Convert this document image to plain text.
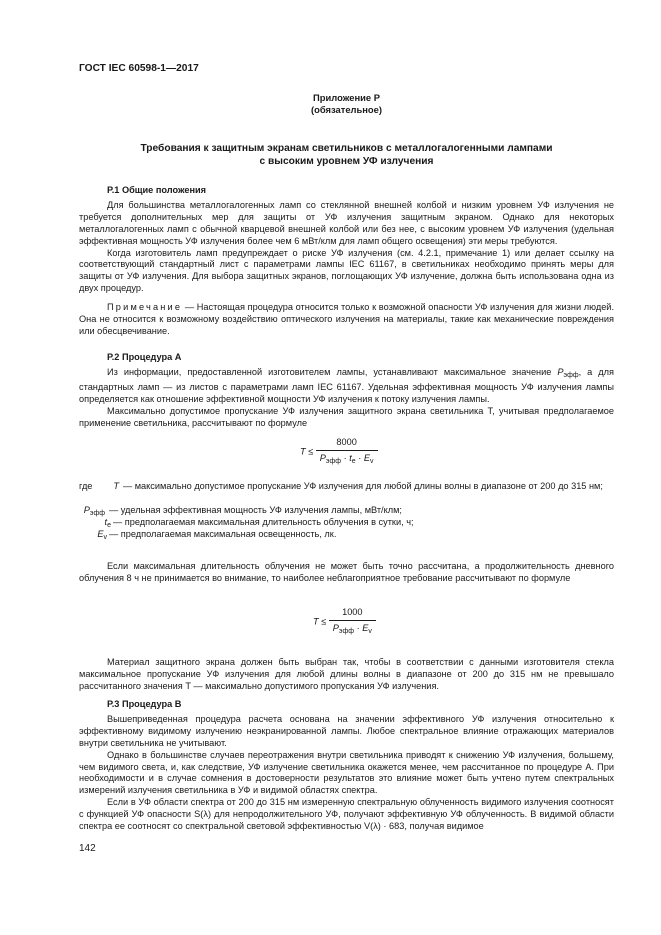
ГОСТ IEC 60598-1—2017
Приложение Р
(обязательное)
Требования к защитным экранам светильников с металлогалогенными лампами
с высоким уровнем УФ излучения
Р.1 Общие положения

Для большинства металлогалогенных ламп со стеклянной внешней колбой и низким уровнем УФ излучения не требуется дополнительных мер для защиты от УФ излучения защитным экраном. Однако для некоторых металлогалогенных ламп с обычной кварцевой внешней колбой или без нее, с высоким уровнем УФ излучения (удельная эффективная мощность УФ излучения более чем 6 мВт/клм для ламп общего освещения) эти меры требуются.

Когда изготовитель ламп предупреждает о риске УФ излучения (см. 4.2.1, примечание 1) или делает ссылку на соответствующий стандартный лист с параметрами лампы IEC 61167, в светильниках необходимо принять меры для защиты от УФ излучения. Для выбора защитных экранов, поглощающих УФ излучение, должна быть использована одна из двух процедур.

Примечание — Настоящая процедура относится только к возможной опасности УФ излучения для жизни людей. Она не относится к возможному воздействию оптического излучения на материалы, такие как механические повреждения или обесцвечивание.

Р.2 Процедура А

Из информации, предоставленной изготовителем лампы, устанавливают максимальное значение $P_{эфф}$, а для стандартных ламп — из листов с параметрами ламп IEC 61167. Удельная эффективная мощность УФ излучения лампы определяется как отношение эффективной мощности УФ излучения к потоку излучения лампы.

Максимально допустимое пропускание УФ излучения защитного экрана светильника T, учитывая предполагаемое применение светильника, рассчитывают по формуле

$T \le \frac{8000}{P_{эфф} \cdot t_e \cdot E_v}$
где	T — максимально допустимое пропускание УФ излучения для любой длины волны в диапазоне от 200 до 315 нм;
$P_{эфф}$ — удельная эффективная мощность УФ излучения лампы, мВт/клм;
$t_e$ — предполагаемая максимальная длительность облучения в сутки, ч;
$E_v$ — предполагаемая максимальная освещенность, лк.

Если максимальная длительность облучения не может быть точно рассчитана, а продолжительность дневного облучения 8 ч не принимается во внимание, то наиболее неблагоприятное требование рассчитывают по формуле

$T \le \frac{1000}{P_{эфф} \cdot E_v}$

Материал защитного экрана должен быть выбран так, чтобы в соответствии с данными изготовителя стекла максимальное пропускание УФ излучения для любой длины волны в диапазоне от 200 до 315 нм не превышало рассчитанного значения T — максимально допустимого пропускания УФ излучения.

Р.3 Процедура В

Вышеприведенная процедура расчета основана на значении эффективного УФ излучения относительно к эффективному видимому излучению неэкранированной лампы. Любое спектральное влияние отражающих материалов внутри светильника не учитывают.

Однако в большинстве случаев переотражения внутри светильника приводят к снижению УФ излучения, большему, чем видимого света, и, как следствие, УФ излучение светильника окажется менее, чем рассчитанное по процедуре А. При необходимости и в случае сомнения в достоверности результатов это влияние может быть учтено путем спектральных измерений излучения светильника в УФ и видимой областях спектра.

Если в УФ области спектра от 200 до 315 нм измеренную спектральную облученность видимого излучения соотносят с функцией УФ опасности S(λ) для непродолжительного УФ, получают эффективную УФ облученность. В видимой области спектра ее соотносят со спектральной световой эффективностью V(λ) · 683, получая видимое

142
